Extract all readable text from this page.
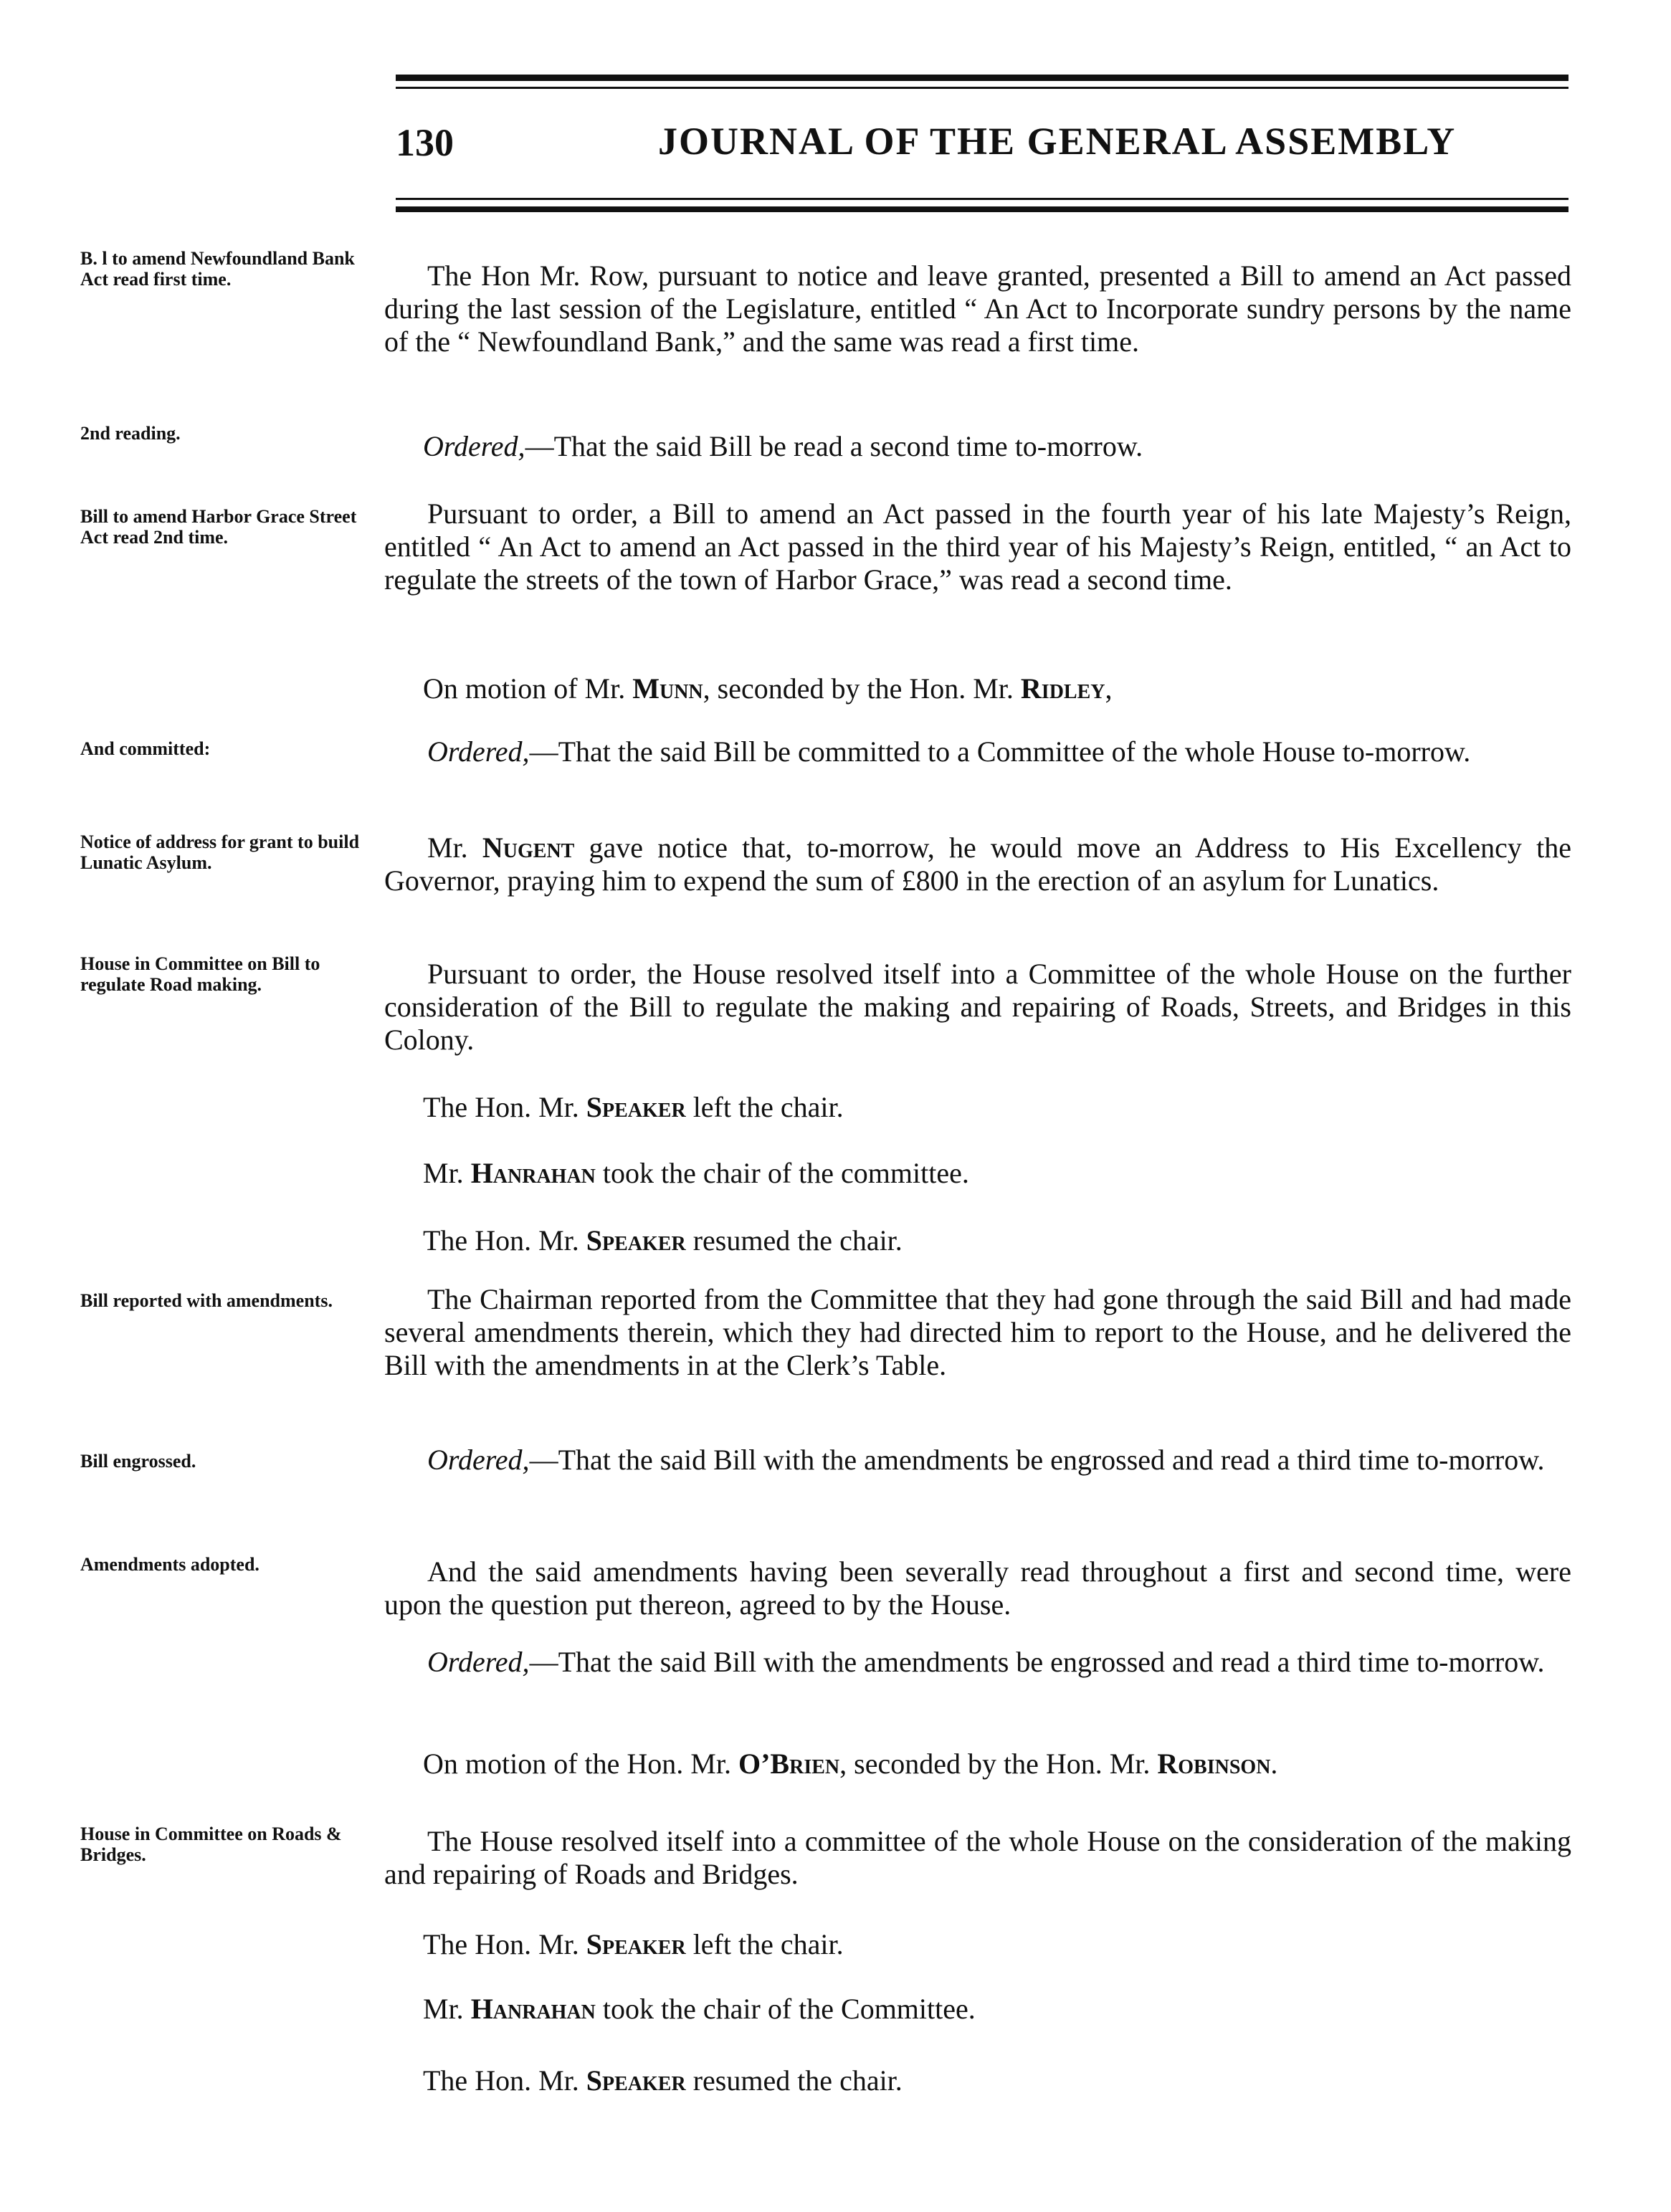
130	JOURNAL OF THE GENERAL ASSEMBLY
B. l to amend Newfoundland Bank Act read first time.
2nd reading.
Bill to amend Harbor Grace Street Act read 2nd time.
And committed:
Notice of address for grant to build Lunatic Asylum.
House in Committee on Bill to regulate Road making.
Bill reported with amendments.
Bill engrossed.
Amendments adopted.
House in Committee on Roads & Bridges.
The Hon Mr. Row, pursuant to notice and leave granted, presented a Bill to amend an Act passed during the last session of the Legislature, entitled “ An Act to Incorporate sundry persons by the name of the “ Newfoundland Bank,” and the same was read a first time.
Ordered,—That the said Bill be read a second time to-morrow.
Pursuant to order, a Bill to amend an Act passed in the fourth year of his late Majesty’s Reign, entitled “ An Act to amend an Act passed in the third year of his Majesty’s Reign, entitled, “ an Act to regulate the streets of the town of Harbor Grace,” was read a second time.
On motion of Mr. Munn, seconded by the Hon. Mr. Ridley,
Ordered,—That the said Bill be committed to a Committee of the whole House to-morrow.
Mr. Nugent gave notice that, to-morrow, he would move an Address to His Excellency the Governor, praying him to expend the sum of £800 in the erection of an asylum for Lunatics.
Pursuant to order, the House resolved itself into a Committee of the whole House on the further consideration of the Bill to regulate the making and repairing of Roads, Streets, and Bridges in this Colony.
The Hon. Mr. Speaker left the chair.
Mr. Hanrahan took the chair of the committee.
The Hon. Mr. Speaker resumed the chair.
The Chairman reported from the Committee that they had gone through the said Bill and had made several amendments therein, which they had directed him to report to the House, and he delivered the Bill with the amendments in at the Clerk’s Table.
Ordered,—That the said Bill with the amendments be engrossed and read a third time to-morrow.
And the said amendments having been severally read throughout a first and second time, were upon the question put thereon, agreed to by the House.
Ordered,—That the said Bill with the amendments be engrossed and read a third time to-morrow.
On motion of the Hon. Mr. O’Brien, seconded by the Hon. Mr. Robinson.
The House resolved itself into a committee of the whole House on the consideration of the making and repairing of Roads and Bridges.
The Hon. Mr. Speaker left the chair.
Mr. Hanrahan took the chair of the Committee.
The Hon. Mr. Speaker resumed the chair.
